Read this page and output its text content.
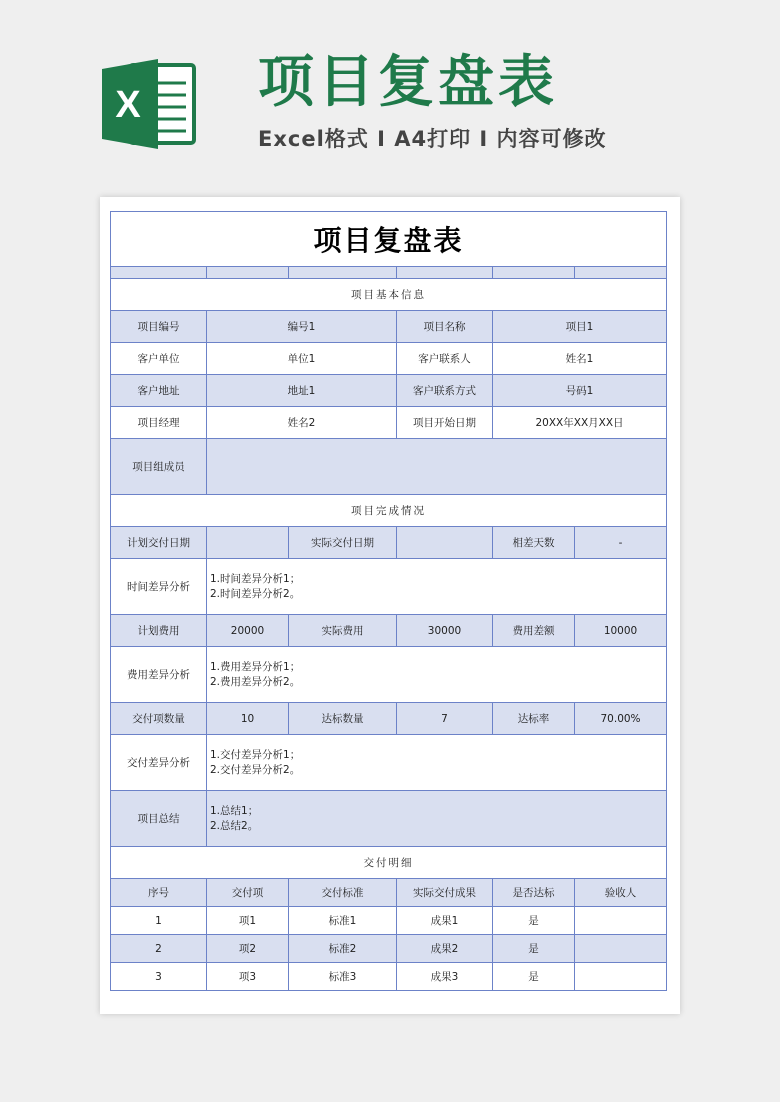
X 项目复盘表
Excel格式 I A4打印 I 内容可修改
项目复盘表					

项目基本信息					
项目编号	编号1		项目名称	项目1	
客户单位	单位1		客户联系人	姓名1	
客户地址	地址1		客户联系方式	号码1	
项目经理	姓名2		项目开始日期	20XX年XX月XX日	
项目组成员					
项目完成情况					
计划交付日期		实际交付日期		相差天数	-
时间差异分析	1.时间差异分析1；
2.时间差异分析2。				
计划费用	20000	实际费用	30000	费用差额	10000
费用差异分析	1.费用差异分析1；
2.费用差异分析2。				
交付项数量	10	达标数量	7	达标率	70.00%
交付差异分析	1.交付差异分析1；
2.交付差异分析2。				
项目总结	1.总结1；
2.总结2。				
交付明细					
序号	交付项	交付标准	实际交付成果	是否达标	验收人
1	项1	标准1	成果1	是	
2	项2	标准2	成果2	是	
3	项3	标准3	成果3	是	
